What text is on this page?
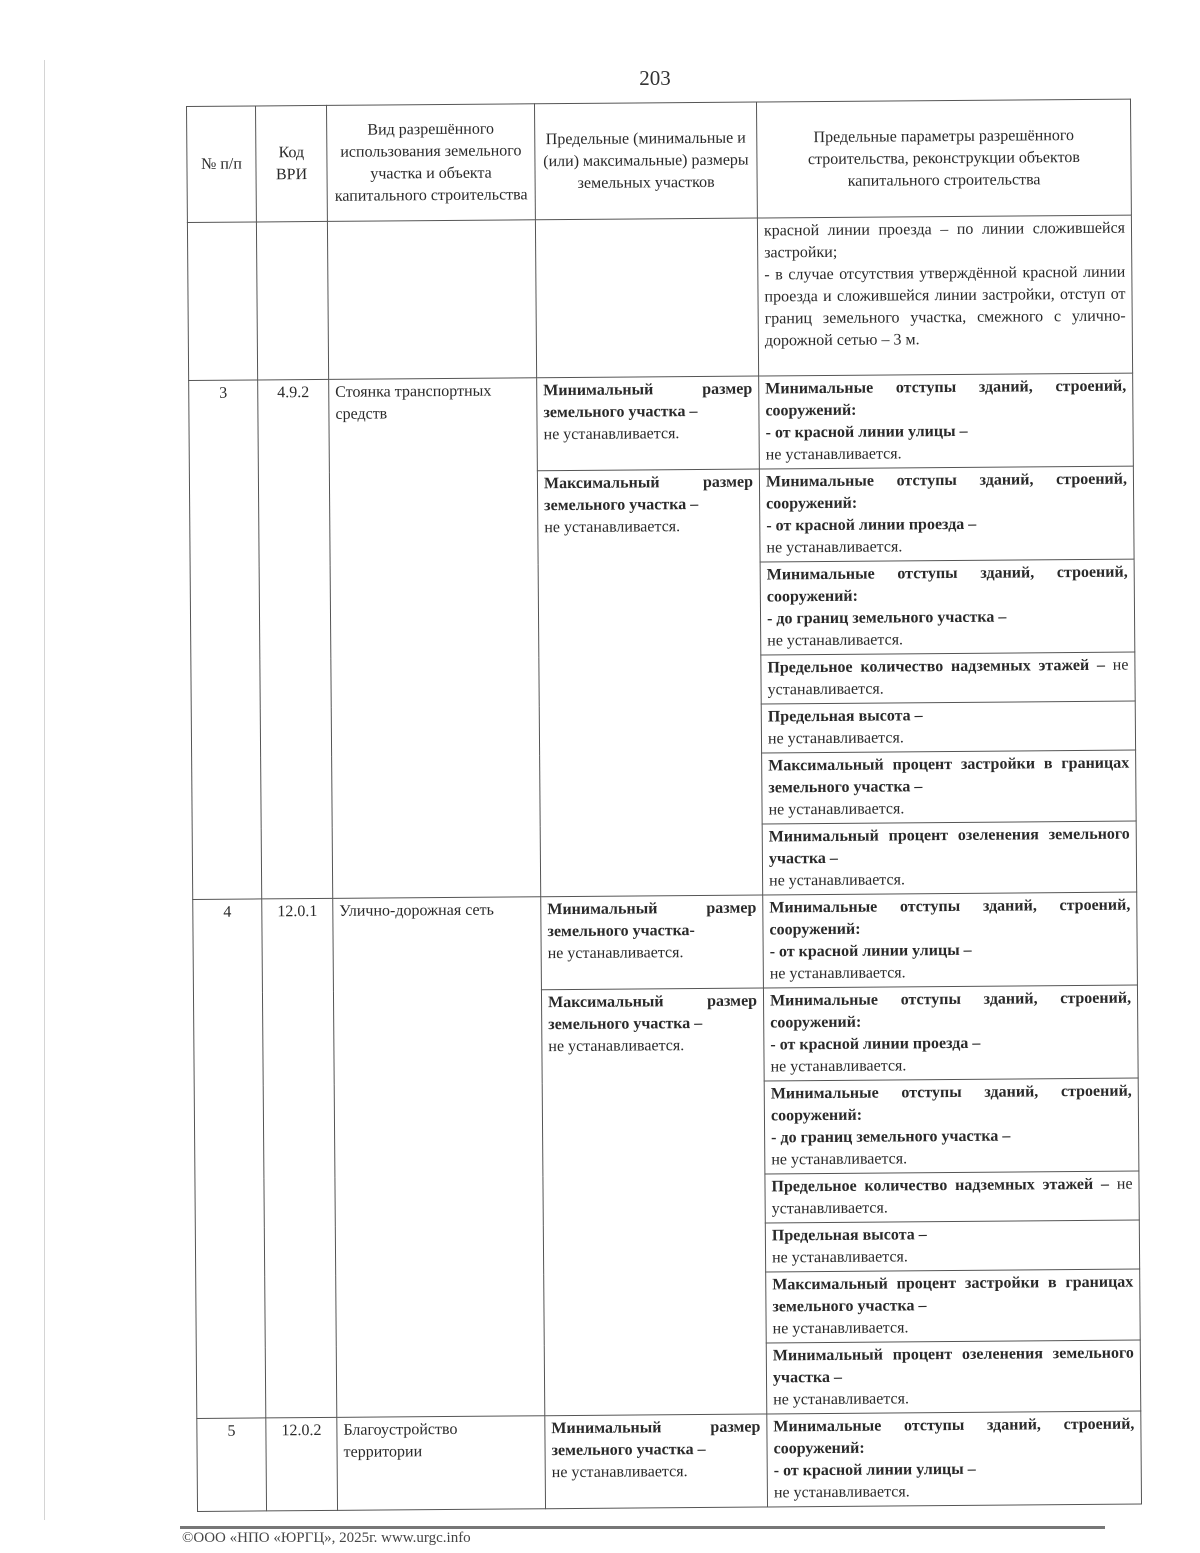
203
№ п/п	Код ВРИ	Вид разрешённого использования земельного участка и объекта капитального строительства	Предельные (минимальные и (или) максимальные) размеры земельных участков	Предельные параметры разрешённого строительства, реконструкции объектов капитального строительства
				красной линии проезда – по линии сложившейся застройки;
- в случае отсутствия утверждённой красной линии проезда и сложившейся линии застройки, отступ от границ земельного участка, смежного с улично-дорожной сетью – 3 м.
3	4.9.2	Стоянка транспортных средств	Минимальный размер земельного участка –
не устанавливается.	Минимальные отступы зданий, строений, сооружений:
- от красной линии улицы –
не устанавливается.
			Максимальный размер земельного участка –
не устанавливается.	Минимальные отступы зданий, строений, сооружений:
- от красной линии проезда –
не устанавливается.
				Минимальные отступы зданий, строений, сооружений:
- до границ земельного участка –
не устанавливается.
				Предельное количество надземных этажей – не устанавливается.
				Предельная высота –
не устанавливается.
				Максимальный процент застройки в границах земельного участка –
не устанавливается.
				Минимальный процент озеленения земельного участка –
не устанавливается.
4	12.0.1	Улично-дорожная сеть	Минимальный размер земельного участка-
не устанавливается.	Минимальные отступы зданий, строений, сооружений:
- от красной линии улицы –
не устанавливается.
			Максимальный размер земельного участка –
не устанавливается.	Минимальные отступы зданий, строений, сооружений:
- от красной линии проезда –
не устанавливается.
				Минимальные отступы зданий, строений, сооружений:
- до границ земельного участка –
не устанавливается.
				Предельное количество надземных этажей – не устанавливается.
				Предельная высота –
не устанавливается.
				Максимальный процент застройки в границах земельного участка –
не устанавливается.
				Минимальный процент озеленения земельного участка –
не устанавливается.
5	12.0.2	Благоустройство территории	Минимальный размер земельного участка –
не устанавливается.	Минимальные отступы зданий, строений, сооружений:
- от красной линии улицы –
не устанавливается.
©ООО «НПО «ЮРГЦ», 2025г. www.urgc.info
